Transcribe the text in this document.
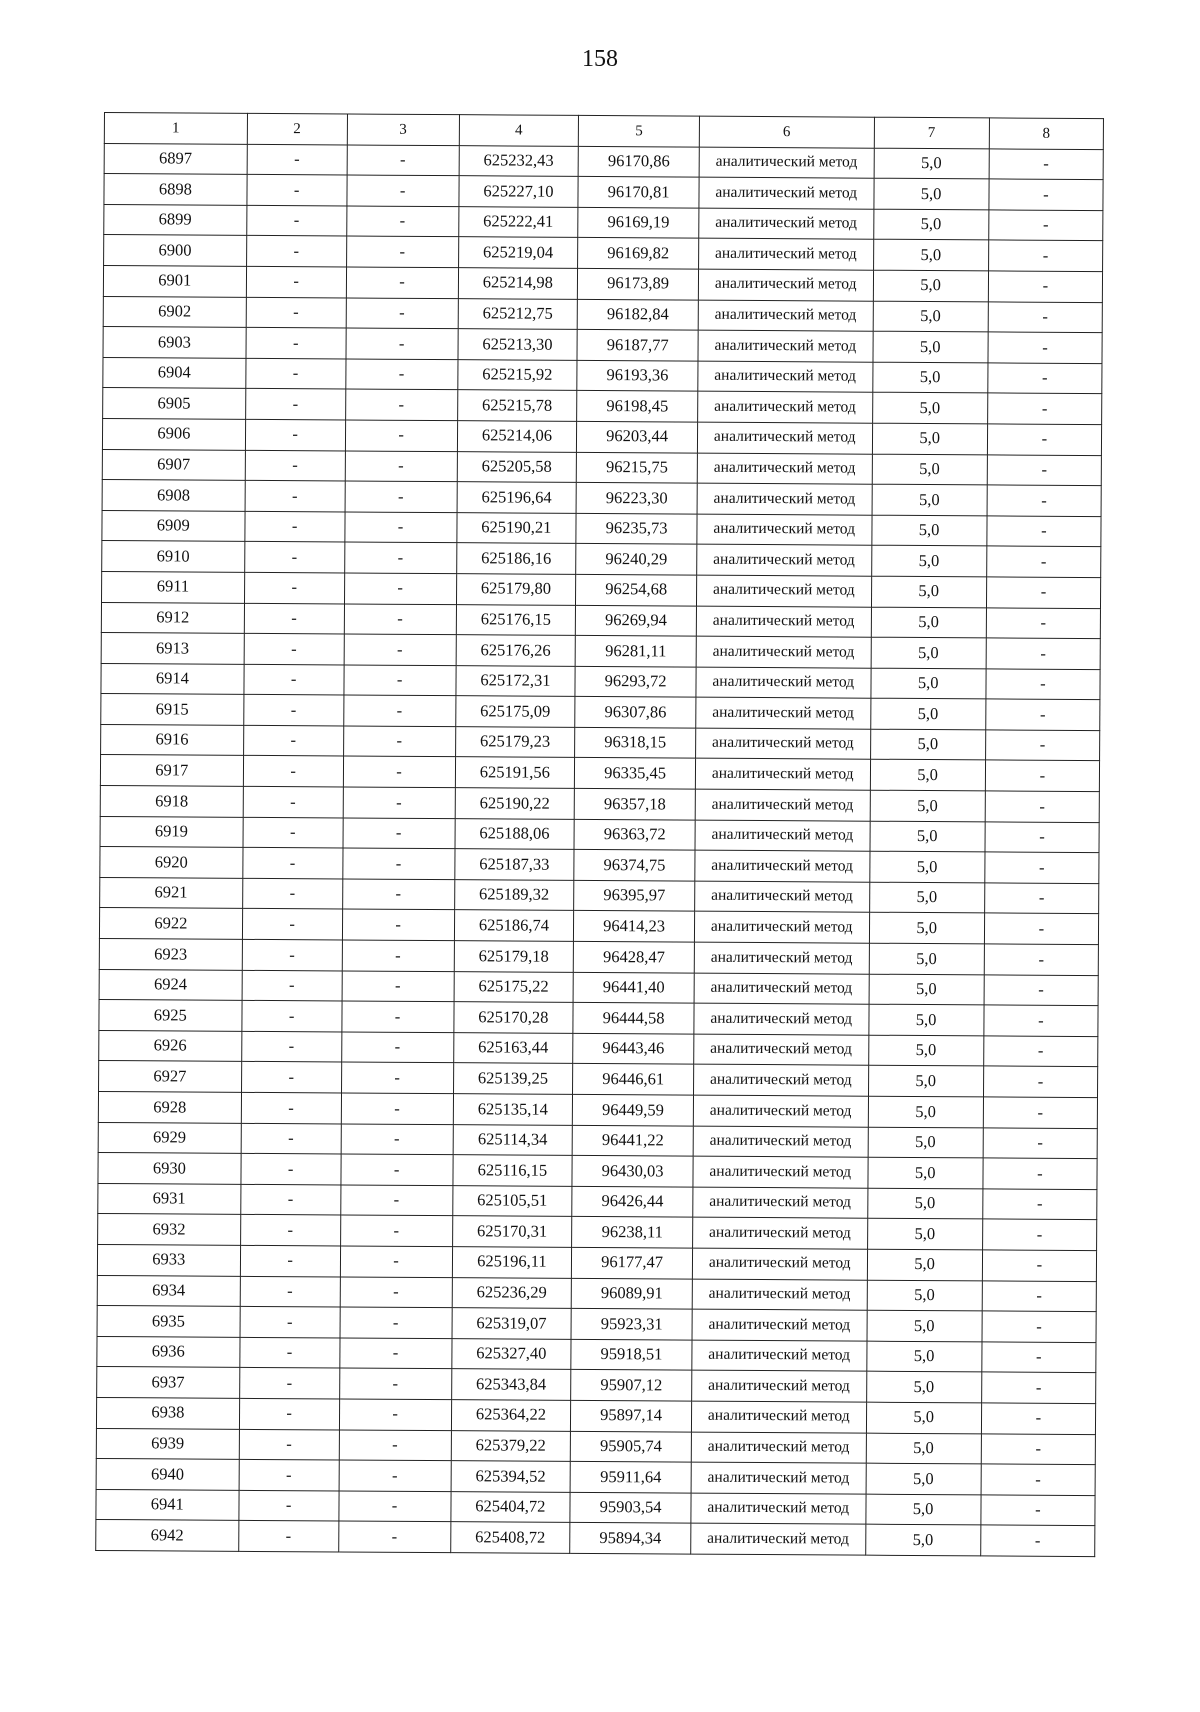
158
1	2	3	4	5	6	7	8
6897	-	-	625232,43	96170,86	аналитический метод	5,0	-
6898	-	-	625227,10	96170,81	аналитический метод	5,0	-
6899	-	-	625222,41	96169,19	аналитический метод	5,0	-
6900	-	-	625219,04	96169,82	аналитический метод	5,0	-
6901	-	-	625214,98	96173,89	аналитический метод	5,0	-
6902	-	-	625212,75	96182,84	аналитический метод	5,0	-
6903	-	-	625213,30	96187,77	аналитический метод	5,0	-
6904	-	-	625215,92	96193,36	аналитический метод	5,0	-
6905	-	-	625215,78	96198,45	аналитический метод	5,0	-
6906	-	-	625214,06	96203,44	аналитический метод	5,0	-
6907	-	-	625205,58	96215,75	аналитический метод	5,0	-
6908	-	-	625196,64	96223,30	аналитический метод	5,0	-
6909	-	-	625190,21	96235,73	аналитический метод	5,0	-
6910	-	-	625186,16	96240,29	аналитический метод	5,0	-
6911	-	-	625179,80	96254,68	аналитический метод	5,0	-
6912	-	-	625176,15	96269,94	аналитический метод	5,0	-
6913	-	-	625176,26	96281,11	аналитический метод	5,0	-
6914	-	-	625172,31	96293,72	аналитический метод	5,0	-
6915	-	-	625175,09	96307,86	аналитический метод	5,0	-
6916	-	-	625179,23	96318,15	аналитический метод	5,0	-
6917	-	-	625191,56	96335,45	аналитический метод	5,0	-
6918	-	-	625190,22	96357,18	аналитический метод	5,0	-
6919	-	-	625188,06	96363,72	аналитический метод	5,0	-
6920	-	-	625187,33	96374,75	аналитический метод	5,0	-
6921	-	-	625189,32	96395,97	аналитический метод	5,0	-
6922	-	-	625186,74	96414,23	аналитический метод	5,0	-
6923	-	-	625179,18	96428,47	аналитический метод	5,0	-
6924	-	-	625175,22	96441,40	аналитический метод	5,0	-
6925	-	-	625170,28	96444,58	аналитический метод	5,0	-
6926	-	-	625163,44	96443,46	аналитический метод	5,0	-
6927	-	-	625139,25	96446,61	аналитический метод	5,0	-
6928	-	-	625135,14	96449,59	аналитический метод	5,0	-
6929	-	-	625114,34	96441,22	аналитический метод	5,0	-
6930	-	-	625116,15	96430,03	аналитический метод	5,0	-
6931	-	-	625105,51	96426,44	аналитический метод	5,0	-
6932	-	-	625170,31	96238,11	аналитический метод	5,0	-
6933	-	-	625196,11	96177,47	аналитический метод	5,0	-
6934	-	-	625236,29	96089,91	аналитический метод	5,0	-
6935	-	-	625319,07	95923,31	аналитический метод	5,0	-
6936	-	-	625327,40	95918,51	аналитический метод	5,0	-
6937	-	-	625343,84	95907,12	аналитический метод	5,0	-
6938	-	-	625364,22	95897,14	аналитический метод	5,0	-
6939	-	-	625379,22	95905,74	аналитический метод	5,0	-
6940	-	-	625394,52	95911,64	аналитический метод	5,0	-
6941	-	-	625404,72	95903,54	аналитический метод	5,0	-
6942	-	-	625408,72	95894,34	аналитический метод	5,0	-
